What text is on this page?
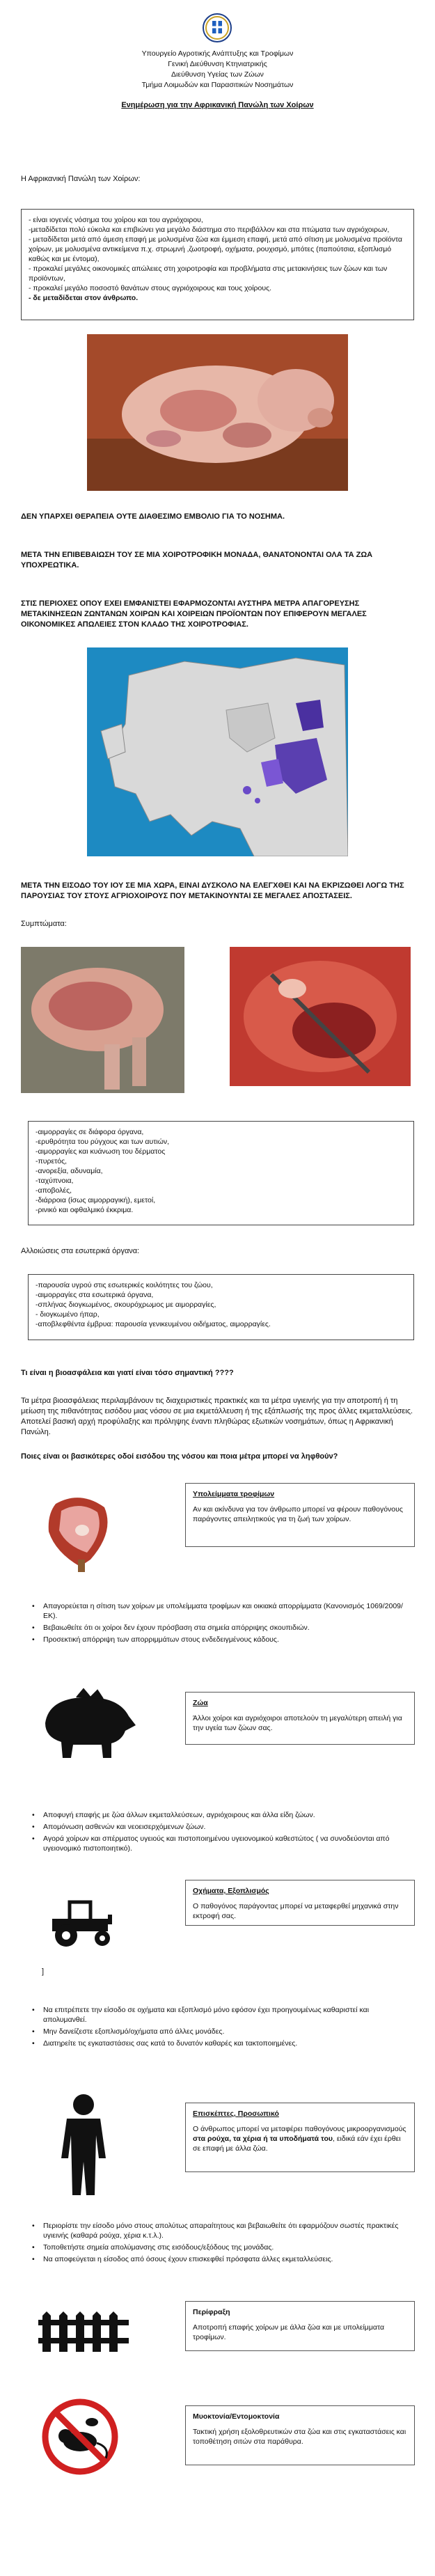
Υπουργείο Αγροτικής Ανάπτυξης και Τροφίμων
Γενική Διεύθυνση Κτηνιατρικής
Διεύθυνση Υγείας των Ζώων
Τμήμα Λοιμωδών και Παρασιτικών Νοσημάτων
Ενημέρωση για την Αφρικανική Πανώλη των Χοίρων
Η Αφρικανική Πανώλη των Χοίρων:
- είναι ιογενές νόσημα του χοίρου και του αγριόχοιρου,
-μεταδίδεται πολύ εύκολα και επιβιώνει για μεγάλο διάστημα στο περιβάλλον και στα πτώματα των αγριόχοιρων,
- μεταδίδεται μετά από άμεση επαφή με μολυσμένα ζώα και έμμεση επαφή, μετά από σίτιση με μολυσμένα προϊόντα χοίρων, με μολυσμένα αντικείμενα π.χ. στρωμνή ,ζωοτροφή, οχήματα, ρουχισμό, μπότες (παπούτσια, εξοπλισμό καθώς και με έντομα),
- προκαλεί μεγάλες οικονομικές απώλειες στη χοιροτροφία και προβλήματα στις μετακινήσεις των ζώων και των προϊόντων,
- προκαλεί μεγάλο ποσοστό θανάτων στους αγριόχοιρους και τους χοίρους.
- δε μεταδίδεται στον άνθρωπο.
ΔΕΝ ΥΠΑΡΧΕΙ ΘΕΡΑΠΕΙΑ ΟΥΤΕ ΔΙΑΘΕΣΙΜΟ ΕΜΒΟΛΙΟ ΓΙΑ ΤΟ ΝΟΣΗΜΑ.
ΜΕΤΑ ΤΗΝ ΕΠΙΒΕΒΑΙΩΣΗ ΤΟΥ ΣΕ ΜΙΑ ΧΟΙΡΟΤΡΟΦΙΚΗ ΜΟΝΑΔΑ, ΘΑΝΑΤΟΝΟΝΤΑΙ ΟΛΑ ΤΑ ΖΩΑ ΥΠΟΧΡΕΩΤΙΚΑ.
ΣΤΙΣ ΠΕΡΙΟΧΕΣ ΟΠΟΥ ΕΧΕΙ ΕΜΦΑΝΙΣΤΕΙ ΕΦΑΡΜΟΖΟΝΤΑΙ ΑΥΣΤΗΡΑ ΜΕΤΡΑ ΑΠΑΓΟΡΕΥΣΗΣ ΜΕΤΑΚΙΝΗΣΕΩΝ ΖΩΝΤΑΝΩΝ ΧΟΙΡΩΝ ΚΑΙ ΧΟΙΡΕΙΩΝ ΠΡΟΪΟΝΤΩΝ ΠΟΥ ΕΠΙΦΕΡΟΥΝ ΜΕΓΑΛΕΣ ΟΙΚΟΝΟΜΙΚΕΣ ΑΠΩΛΕΙΕΣ ΣΤΟΝ ΚΛΑΔΟ ΤΗΣ ΧΟΙΡΟΤΡΟΦΙΑΣ.
ΜΕΤΑ ΤΗΝ ΕΙΣΟΔΟ ΤΟΥ ΙΟΥ ΣΕ ΜΙΑ ΧΩΡΑ, ΕΙΝΑΙ ΔΥΣΚΟΛΟ ΝΑ ΕΛΕΓΧΘΕΙ ΚΑΙ ΝΑ ΕΚΡΙΖΩΘΕΙ ΛΟΓΩ ΤΗΣ ΠΑΡΟΥΣΙΑΣ ΤΟΥ ΣΤΟΥΣ ΑΓΡΙΟΧΟΙΡΟΥΣ ΠΟΥ ΜΕΤΑΚΙΝΟΥΝΤΑΙ ΣΕ ΜΕΓΑΛΕΣ ΑΠΟΣΤΑΣΕΙΣ.
Συμπτώματα:
-αιμορραγίες σε διάφορα όργανα,
-ερυθρότητα του ρύγχους και των αυτιών,
-αιμορραγίες και κυάνωση του δέρματος
-πυρετός,
-ανορεξία, αδυναμία,
-ταχύπνοια,
-αποβολές,
-διάρροια (ίσως αιμορραγική), εμετοί,
-ρινικό και οφθαλμικό έκκριμα.
Αλλοιώσεις στα εσωτερικά όργανα:
-παρουσία υγρού στις εσωτερικές κοιλότητες του ζώου,
-αιμορραγίες στα εσωτερικά όργανα,
-σπλήνας διογκωμένος, σκουρόχρωμος με αιμορραγίες,
- διογκωμένο ήπαρ,
-αποβλεφθέντα έμβρυα: παρουσία γενικευμένου οιδήματος, αιμορραγίες.
Τι είναι η βιοασφάλεια και γιατί είναι τόσο σημαντική ????
Τα μέτρα βιοασφάλειας περιλαμβάνουν τις διαχειριστικές πρακτικές και τα μέτρα υγιεινής για την αποτροπή ή τη μείωση της πιθανότητας εισόδου μιας νόσου σε μια εκμετάλλευση ή της εξάπλωσής της προς άλλες εκμεταλλεύσεις. Αποτελεί βασική αρχή προφύλαξης και πρόληψης έναντι πληθώρας εξωτικών νοσημάτων, όπως η Αφρικανική Πανώλη.
Ποιες είναι οι βασικότερες οδοί εισόδου της νόσου και ποια μέτρα μπορεί να ληφθούν?
Υπολείμματα τροφίμων
Αν και ακίνδυνα για τον άνθρωπο μπορεί να φέρουν παθογόνους παράγοντες απειλητικούς για τη ζωή των χοίρων.
• Απαγορεύεται η σίτιση των χοίρων με υπολείμματα τροφίμων και οικιακά απορρίμματα (Κανονισμός 1069/2009/ΕΚ).
• Βεβαιωθείτε ότι οι χοίροι δεν έχουν πρόσβαση στα σημεία απόρριψης σκουπιδιών.
• Προσεκτική απόρριψη των απορριμμάτων στους ενδεδειγμένους κάδους.
Ζώα
Άλλοι χοίροι και αγριόχοιροι αποτελούν τη μεγαλύτερη απειλή για την υγεία των ζώων σας.
• Αποφυγή επαφής με ζώα άλλων εκμεταλλεύσεων, αγριόχοιρους και άλλα είδη ζώων.
• Απομόνωση ασθενών και νεοεισερχόμενων ζώων.
• Αγορά χοίρων και σπέρματος υγειούς και πιστοποιημένου υγειονομικού καθεστώτος ( να συνοδεύονται από υγειονομικό πιστοποιητικό).
Οχήματα, Εξοπλισμός
Ο παθογόνος παράγοντας μπορεί να μεταφερθεί μηχανικά στην εκτροφή σας.
]
• Να επιτρέπετε την είσοδο σε οχήματα και εξοπλισμό μόνο εφόσον έχει προηγουμένως καθαριστεί και απολυμανθεί.
• Μην δανείζεστε εξοπλισμό/οχήματα από άλλες μονάδες.
• Διατηρείτε τις εγκαταστάσεις σας κατά το δυνατόν καθαρές και τακτοποιημένες.
Επισκέπτες, Προσωπικό
Ο άνθρωπος μπορεί να μεταφέρει παθογόνους μικροοργανισμούς στα ρούχα, τα χέρια ή τα υποδήματά του, ειδικά εάν έχει έρθει σε επαφή με άλλα ζώα.
• Περιορίστε την είσοδο μόνο στους απολύτως απαραίτητους και βεβαιωθείτε ότι εφαρμόζουν σωστές πρακτικές υγιεινής (καθαρά ρούχα, χέρια κ.τ.λ.).
• Τοποθετήστε σημεία απολύμανσης στις εισόδους/εξόδους της μονάδας.
• Να αποφεύγεται η είσοδος από όσους έχουν επισκεφθεί πρόσφατα άλλες εκμεταλλεύσεις.
Περίφραξη
Αποτροπή επαφής χοίρων με άλλα ζώα και με υπολείμματα τροφίμων.
Μυοκτονία/Εντομοκτονία
Τακτική χρήση εξολοθρευτικών στα ζώα και στις εγκαταστάσεις και τοποθέτηση σιτών στα παράθυρα.
